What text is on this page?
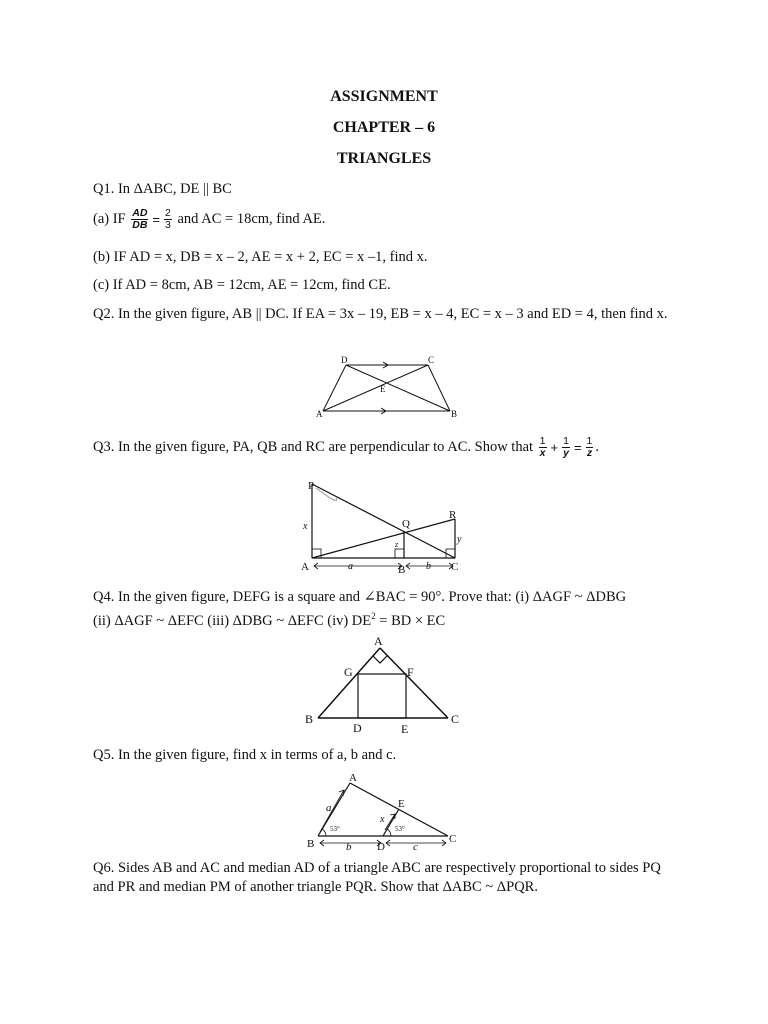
ASSIGNMENT
CHAPTER – 6
TRIANGLES
Q1. In ΔABC, DE || BC
(a) IF $\frac{AD}{DB} = \frac{2}{3}$ and AC = 18cm, find AE.
(b) IF AD = x, DB = x – 2, AE = x + 2, EC = x –1, find x.
(c) If AD = 8cm, AB = 12cm, AE = 12cm, find CE.
Q2. In the given figure, AB || DC. If EA = 3x – 19, EB = x – 4, EC = x – 3 and ED = 4, then find x.
D	C
A	B
E
Q3. In the given figure, PA, QB and RC are perpendicular to AC. Show that $\frac{1}{x} + \frac{1}{y} = \frac{1}{z}$ .
P
Q
R
A	B	C
x
y
z
a	b
Q4. In the given figure, DEFG is a square and ∠BAC = 90°. Prove that: (i) ΔAGF ~ ΔDBG
(ii) ΔAGF ~ ΔEFC (iii) ΔDBG ~ ΔEFC (iv) $DE^2$ = BD × EC
A
B	C
D	E
F
G
Q5. In the given figure, find x in terms of a, b and c.
A
B	C
D
E
a
b	c
x
53°	53°
Q6. Sides AB and AC and median AD of a triangle ABC are respectively proportional to sides PQ and PR and median PM of another triangle PQR. Show that ΔABC ~ ΔPQR.
